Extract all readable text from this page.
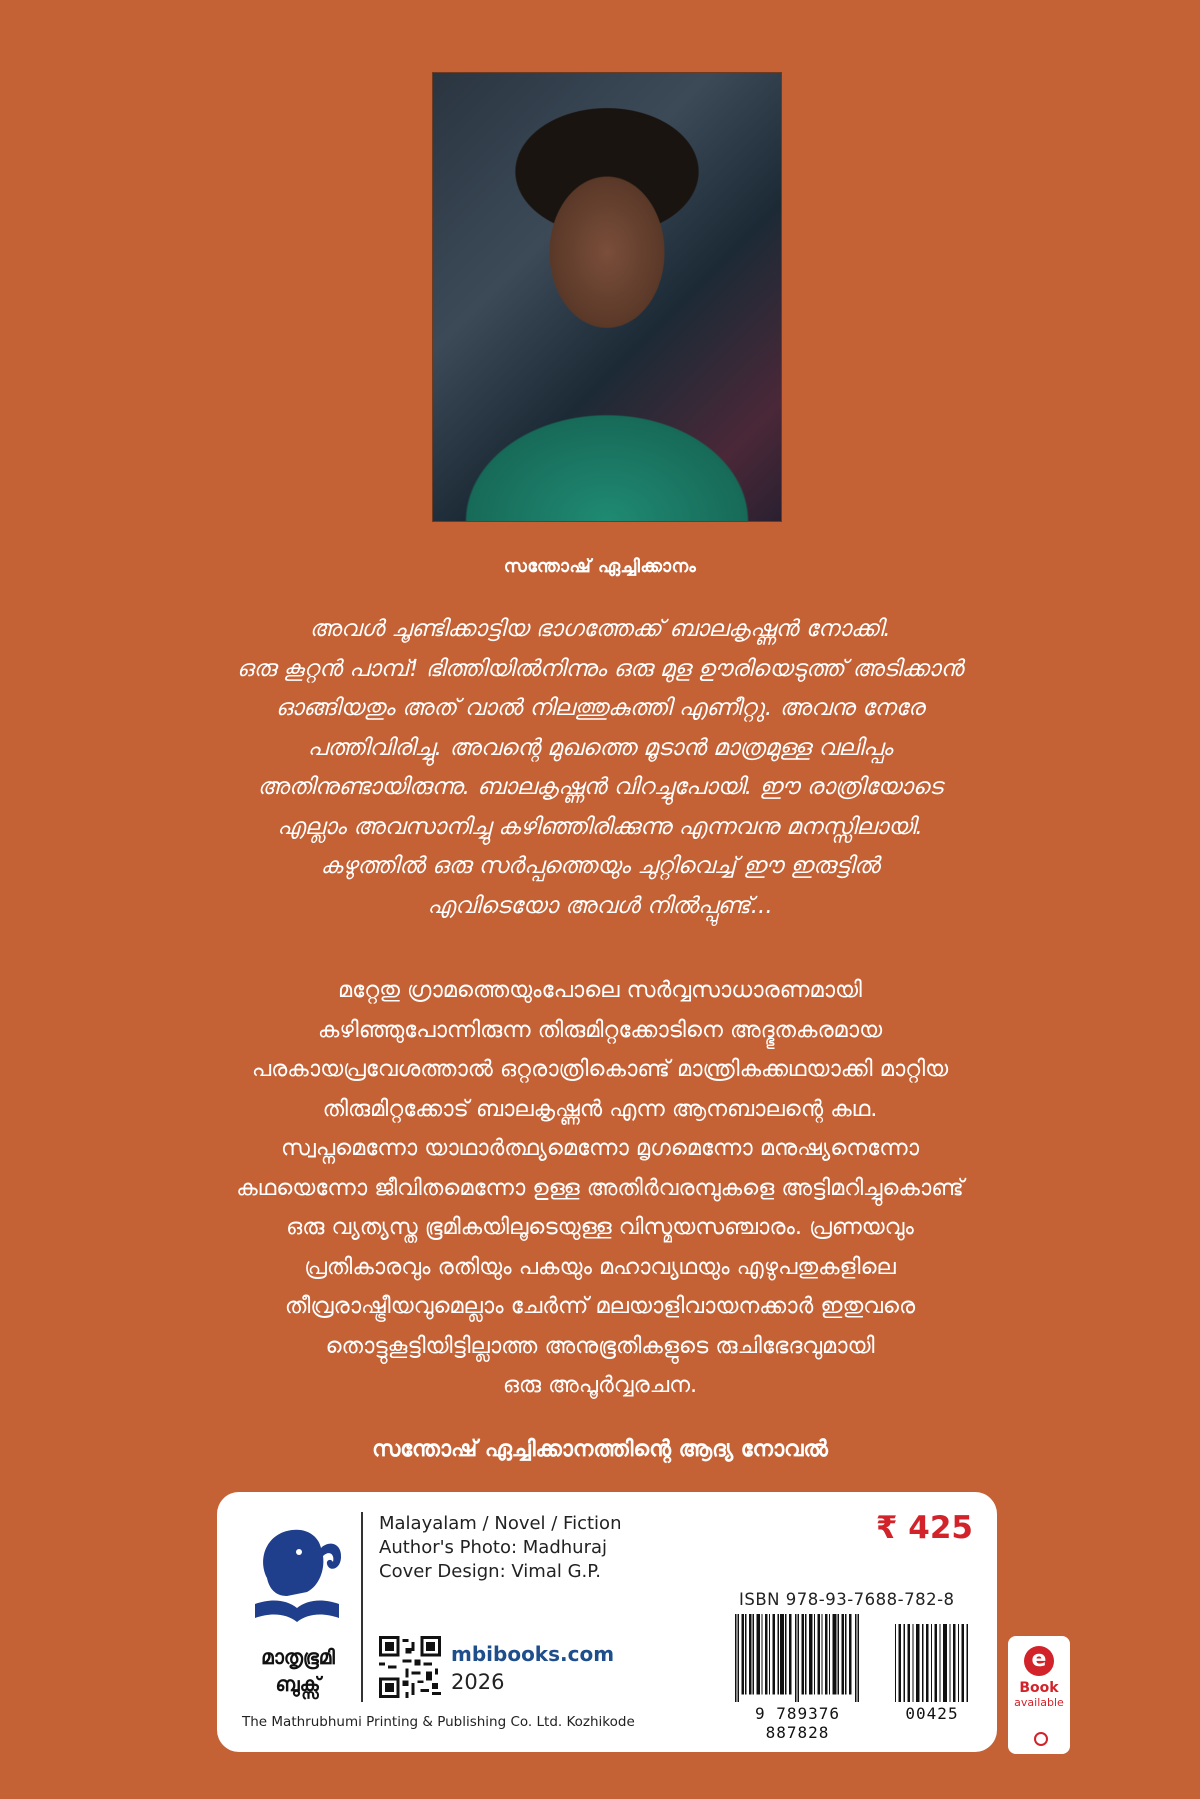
സന്തോഷ് ഏച്ചിക്കാനം
അവൾ ചൂണ്ടിക്കാട്ടിയ ഭാഗത്തേക്ക് ബാലകൃഷ്ണൻ നോക്കി.
ഒരു കൂറ്റൻ പാമ്പ്! ഭിത്തിയിൽനിന്നും ഒരു മുള ഊരിയെടുത്ത് അടിക്കാൻ
ഓങ്ങിയതും അത് വാൽ നിലത്തുകുത്തി എണീറ്റു. അവനു നേരേ
പത്തിവിരിച്ചു. അവന്റെ മുഖത്തെ മൂടാൻ മാത്രമുള്ള വലിപ്പം
അതിനുണ്ടായിരുന്നു. ബാലകൃഷ്ണൻ വിറച്ചുപോയി. ഈ രാത്രിയോടെ
എല്ലാം അവസാനിച്ചു കഴിഞ്ഞിരിക്കുന്നു എന്നവനു മനസ്സിലായി.
കഴുത്തിൽ ഒരു സർപ്പത്തെയും ചുറ്റിവെച്ച് ഈ ഇരുട്ടിൽ
എവിടെയോ അവൾ നിൽപ്പുണ്ട്...
മറ്റേതു ഗ്രാമത്തെയുംപോലെ സർവ്വസാധാരണമായി
കഴിഞ്ഞുപോന്നിരുന്ന തിരുമിറ്റക്കോടിനെ അദ്ഭുതകരമായ
പരകായപ്രവേശത്താൽ ഒറ്റരാത്രികൊണ്ട് മാന്ത്രികക്കഥയാക്കി മാറ്റിയ
തിരുമിറ്റക്കോട് ബാലകൃഷ്ണൻ എന്ന ആനബാലന്റെ കഥ.
സ്വപ്നമെന്നോ യാഥാർത്ഥ്യമെന്നോ മൃഗമെന്നോ മനുഷ്യനെന്നോ
കഥയെന്നോ ജീവിതമെന്നോ ഉള്ള അതിർവരമ്പുകളെ അട്ടിമറിച്ചുകൊണ്ട്
ഒരു വ്യത്യസ്ത ഭൂമികയിലൂടെയുള്ള വിസ്മയസഞ്ചാരം. പ്രണയവും
പ്രതികാരവും രതിയും പകയും മഹാവ്യഥയും എഴുപതുകളിലെ
തീവ്രരാഷ്ട്രീയവുമെല്ലാം ചേർന്ന് മലയാളിവായനക്കാർ ഇതുവരെ
തൊട്ടുകൂട്ടിയിട്ടില്ലാത്ത അനുഭൂതികളുടെ രുചിഭേദവുമായി
ഒരു അപൂർവ്വരചന.
സന്തോഷ് ഏച്ചിക്കാനത്തിന്റെ ആദ്യ നോവൽ
മാതൃഭൂമി
ബുക്സ്
The Mathrubhumi Printing & Publishing Co. Ltd. Kozhikode
Malayalam / Novel / Fiction
Author's Photo: Madhuraj
Cover Design: Vimal G.P.
₹ 425
mbibooks.com
2026
ISBN 978-93-7688-782-8
9 789376 887828
00425
e
Book
available
